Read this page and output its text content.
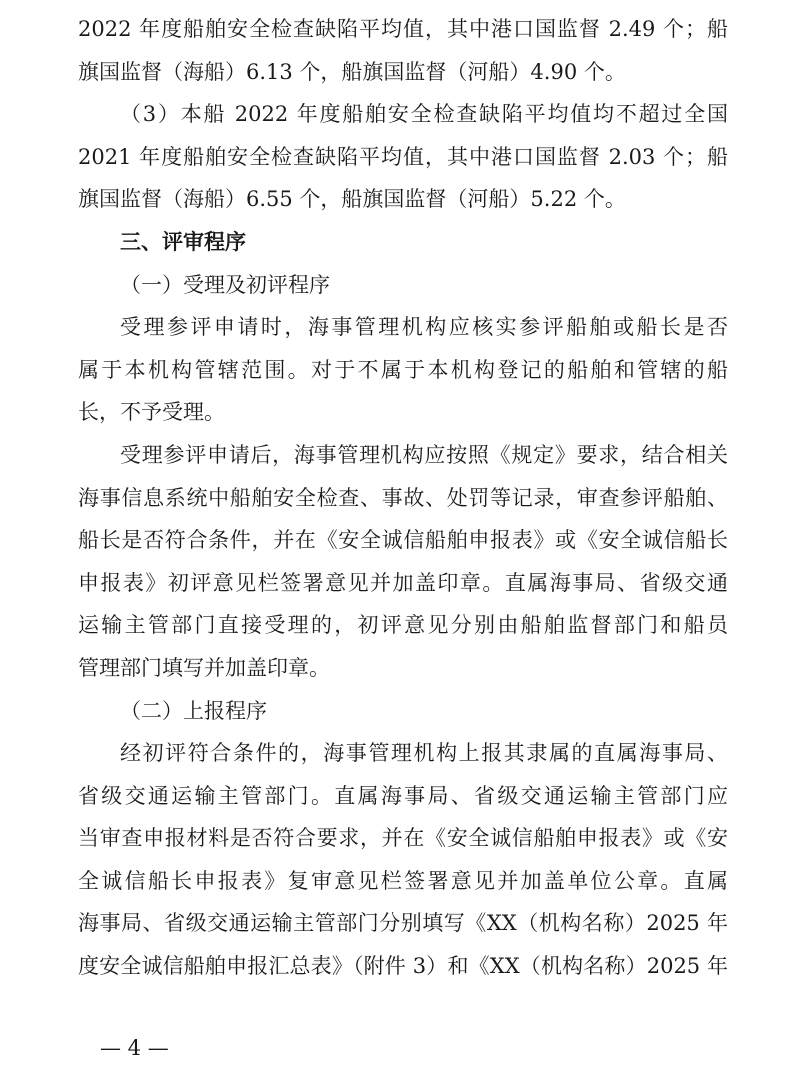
2022 年度船舶安全检查缺陷平均值，其中港口国监督 2.49 个；船
旗国监督（海船）6.13 个，船旗国监督（河船）4.90 个。
（3）本船 2022 年度船舶安全检查缺陷平均值均不超过全国
2021 年度船舶安全检查缺陷平均值，其中港口国监督 2.03 个；船
旗国监督（海船）6.55 个，船旗国监督（河船）5.22 个。
三、评审程序
（一）受理及初评程序
受理参评申请时，海事管理机构应核实参评船舶或船长是否
属于本机构管辖范围。对于不属于本机构登记的船舶和管辖的船
长，不予受理。
受理参评申请后，海事管理机构应按照《规定》要求，结合相关
海事信息系统中船舶安全检查、事故、处罚等记录，审查参评船舶、
船长是否符合条件，并在《安全诚信船舶申报表》或《安全诚信船长
申报表》初评意见栏签署意见并加盖印章。直属海事局、省级交通
运输主管部门直接受理的，初评意见分别由船舶监督部门和船员
管理部门填写并加盖印章。
（二）上报程序
经初评符合条件的，海事管理机构上报其隶属的直属海事局、
省级交通运输主管部门。直属海事局、省级交通运输主管部门应
当审查申报材料是否符合要求，并在《安全诚信船舶申报表》或《安
全诚信船长申报表》复审意见栏签署意见并加盖单位公章。直属
海事局、省级交通运输主管部门分别填写《XX（机构名称）2025 年
度安全诚信船舶申报汇总表》（附件 3）和《XX（机构名称）2025 年
— 4 —
